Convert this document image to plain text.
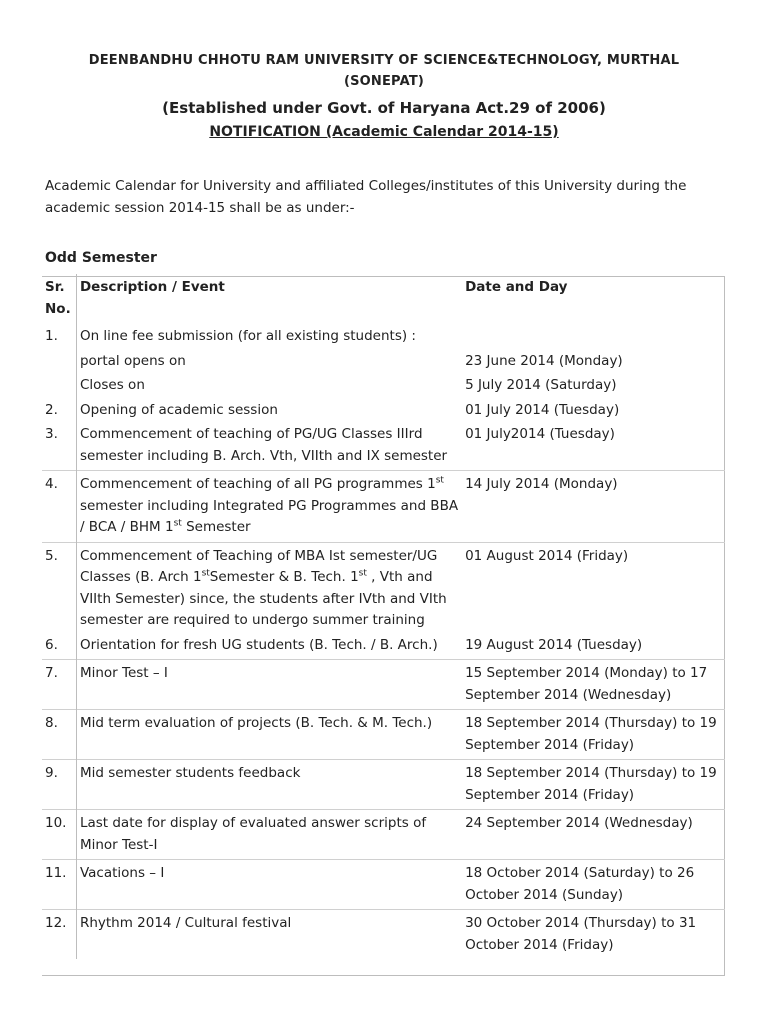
DEENBANDHU CHHOTU RAM UNIVERSITY OF SCIENCE&TECHNOLOGY, MURTHAL
(SONEPAT)
(Established under Govt. of Haryana Act.29 of 2006)
NOTIFICATION (Academic Calendar 2014-15)
Academic Calendar for University and affiliated Colleges/institutes of this University during the
academic session 2014-15 shall be as under:-
Odd Semester
Sr.
No.	Description / Event	Date and Day
1.	On line fee submission (for all existing students) :	
	portal opens on	23 June 2014 (Monday)
	Closes on	5 July 2014 (Saturday)
2.	Opening of academic session	01 July 2014 (Tuesday)
3.	Commencement of teaching of PG/UG Classes IIIrd semester including B. Arch. Vth, VIIth and IX semester	01 July2014 (Tuesday)
4.	Commencement of teaching of all PG programmes 1st semester including Integrated PG Programmes and BBA / BCA / BHM 1st Semester	14 July 2014 (Monday)
5.	Commencement of Teaching of MBA Ist semester/UG Classes (B. Arch 1stSemester & B. Tech. 1st , Vth and VIIth Semester) since, the students after IVth and VIth semester are required to undergo summer training	01 August 2014 (Friday)
6.	Orientation for fresh UG students (B. Tech. / B. Arch.)	19 August 2014 (Tuesday)
7.	Minor Test – I	15 September 2014 (Monday) to 17 September 2014 (Wednesday)
8.	Mid term evaluation of projects (B. Tech. & M. Tech.)	18 September 2014 (Thursday) to 19 September 2014 (Friday)
9.	Mid semester students feedback	18 September 2014 (Thursday) to 19 September 2014 (Friday)
10.	Last date for display of evaluated answer scripts of Minor Test-I	24 September 2014 (Wednesday)
11.	Vacations – I	18 October 2014 (Saturday) to 26 October 2014 (Sunday)
12.	Rhythm 2014 / Cultural festival	30 October 2014 (Thursday) to 31 October 2014 (Friday)
